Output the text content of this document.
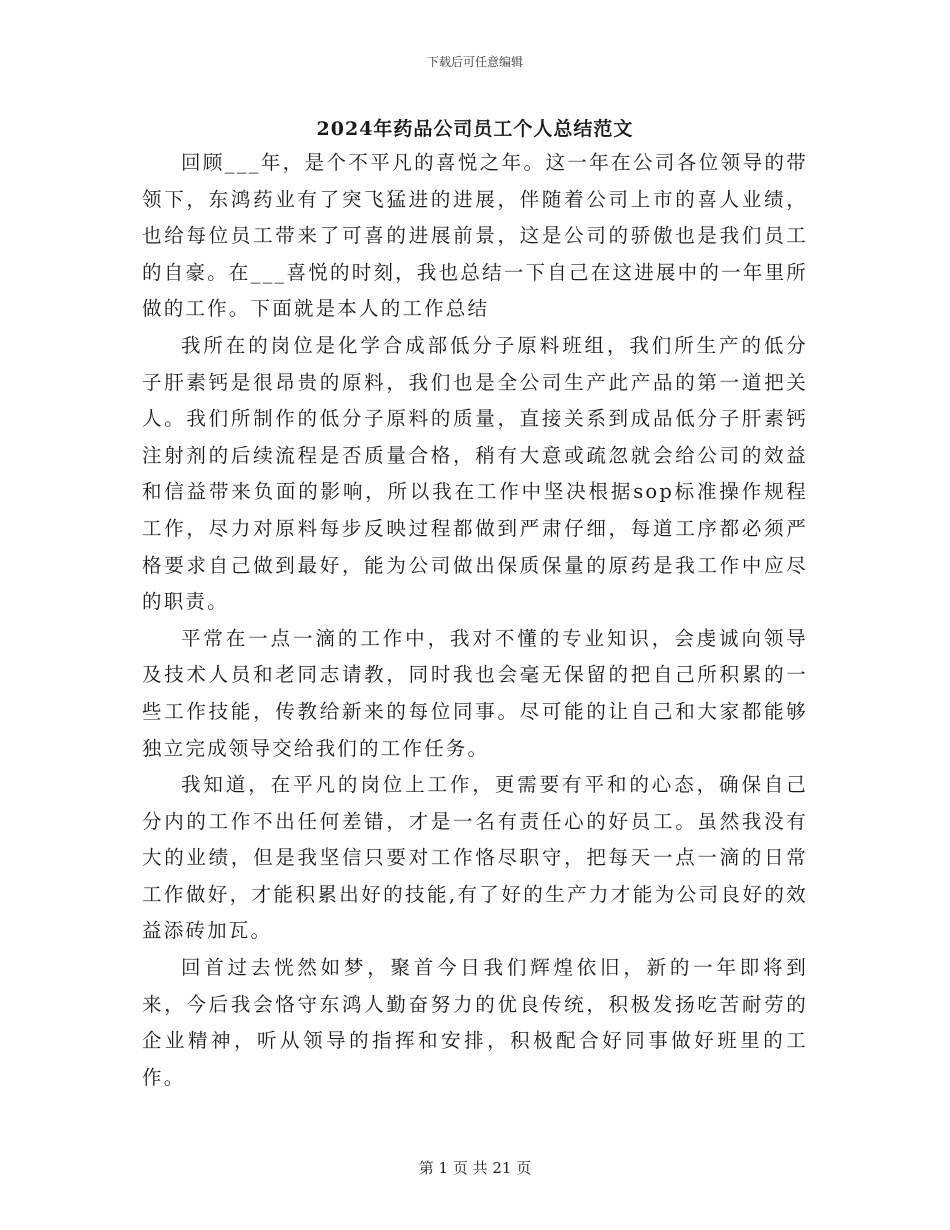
下载后可任意编辑
2024年药品公司员工个人总结范文

回顾___年，是个不平凡的喜悦之年。这一年在公司各位领导的带领下，东鸿药业有了突飞猛进的进展，伴随着公司上市的喜人业绩，也给每位员工带来了可喜的进展前景，这是公司的骄傲也是我们员工的自豪。在___喜悦的时刻，我也总结一下自己在这进展中的一年里所做的工作。下面就是本人的工作总结

我所在的岗位是化学合成部低分子原料班组，我们所生产的低分子肝素钙是很昂贵的原料，我们也是全公司生产此产品的第一道把关人。我们所制作的低分子原料的质量，直接关系到成品低分子肝素钙注射剂的后续流程是否质量合格，稍有大意或疏忽就会给公司的效益和信益带来负面的影响，所以我在工作中坚决根据sop标准操作规程工作，尽力对原料每步反映过程都做到严肃仔细，每道工序都必须严格要求自己做到最好，能为公司做出保质保量的原药是我工作中应尽的职责。

平常在一点一滴的工作中，我对不懂的专业知识，会虔诚向领导及技术人员和老同志请教，同时我也会毫无保留的把自己所积累的一些工作技能，传教给新来的每位同事。尽可能的让自己和大家都能够独立完成领导交给我们的工作任务。

我知道，在平凡的岗位上工作，更需要有平和的心态，确保自己分内的工作不出任何差错，才是一名有责任心的好员工。虽然我没有大的业绩，但是我坚信只要对工作恪尽职守，把每天一点一滴的日常工作做好，才能积累出好的技能,有了好的生产力才能为公司良好的效益添砖加瓦。

回首过去恍然如梦，聚首今日我们辉煌依旧，新的一年即将到来，今后我会恪守东鸿人勤奋努力的优良传统，积极发扬吃苦耐劳的企业精神，听从领导的指挥和安排，积极配合好同事做好班里的工作。

第 1 页 共 21 页
